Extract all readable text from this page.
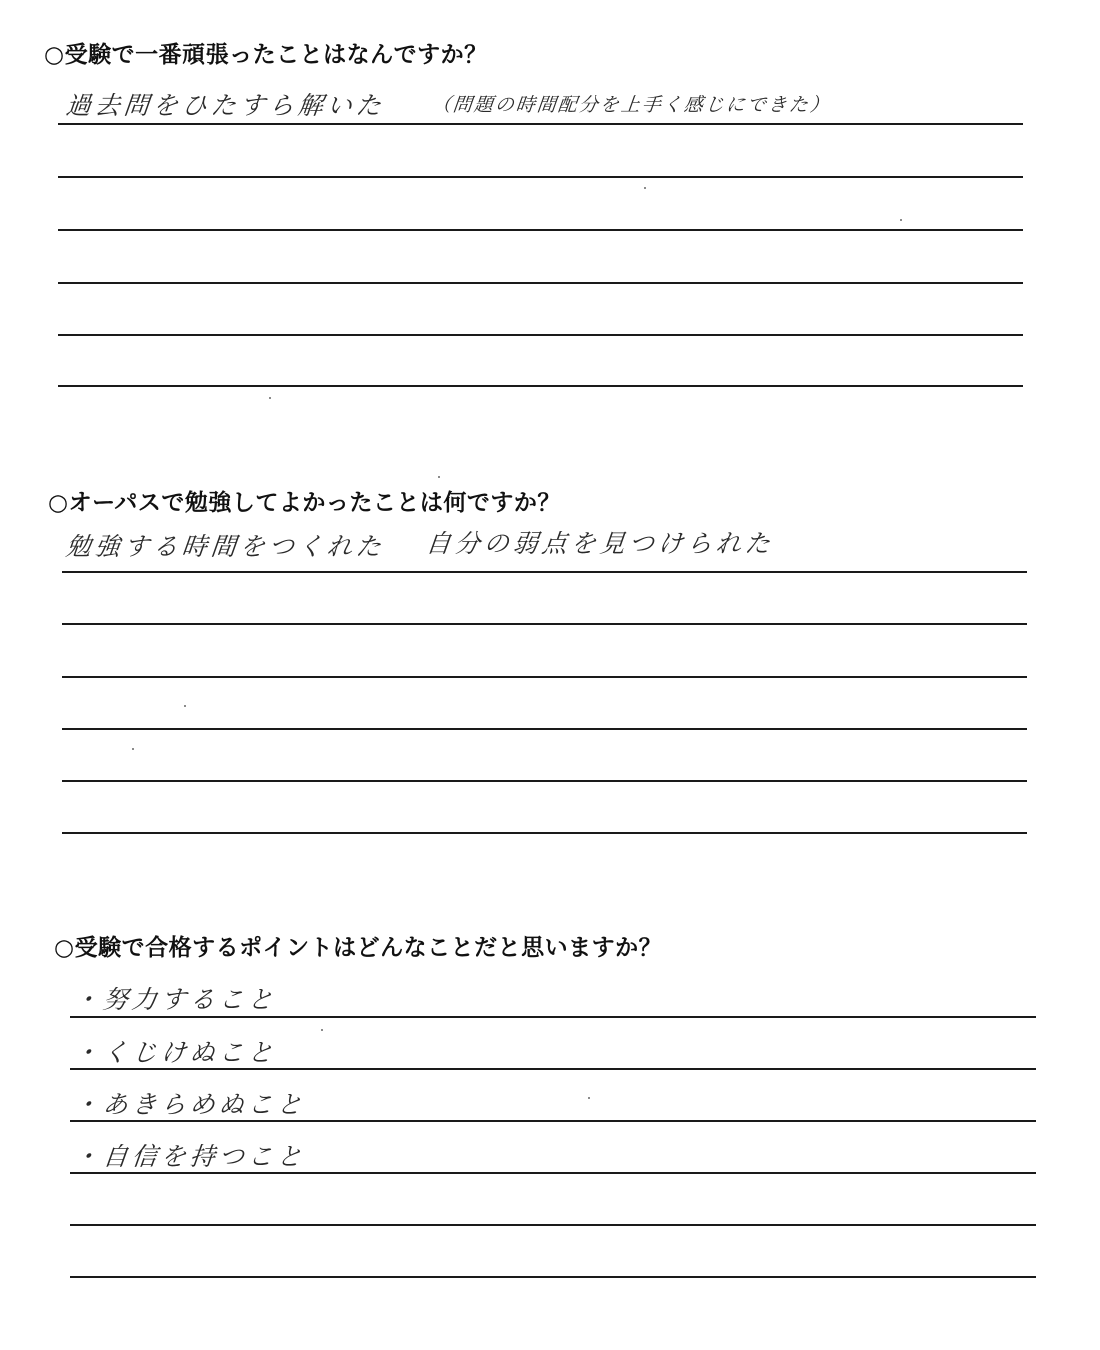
○受験で一番頑張ったことはなんですか？
過去問をひたすら解いた （問題の時間配分を上手く感じにできた）
○オーパスで勉強してよかったことは何ですか？
勉強する時間をつくれた 自分の弱点を見つけられた
○受験で合格するポイントはどんなことだと思いますか？
・努力すること
・くじけぬこと
・あきらめぬこと
・自信を持つこと
